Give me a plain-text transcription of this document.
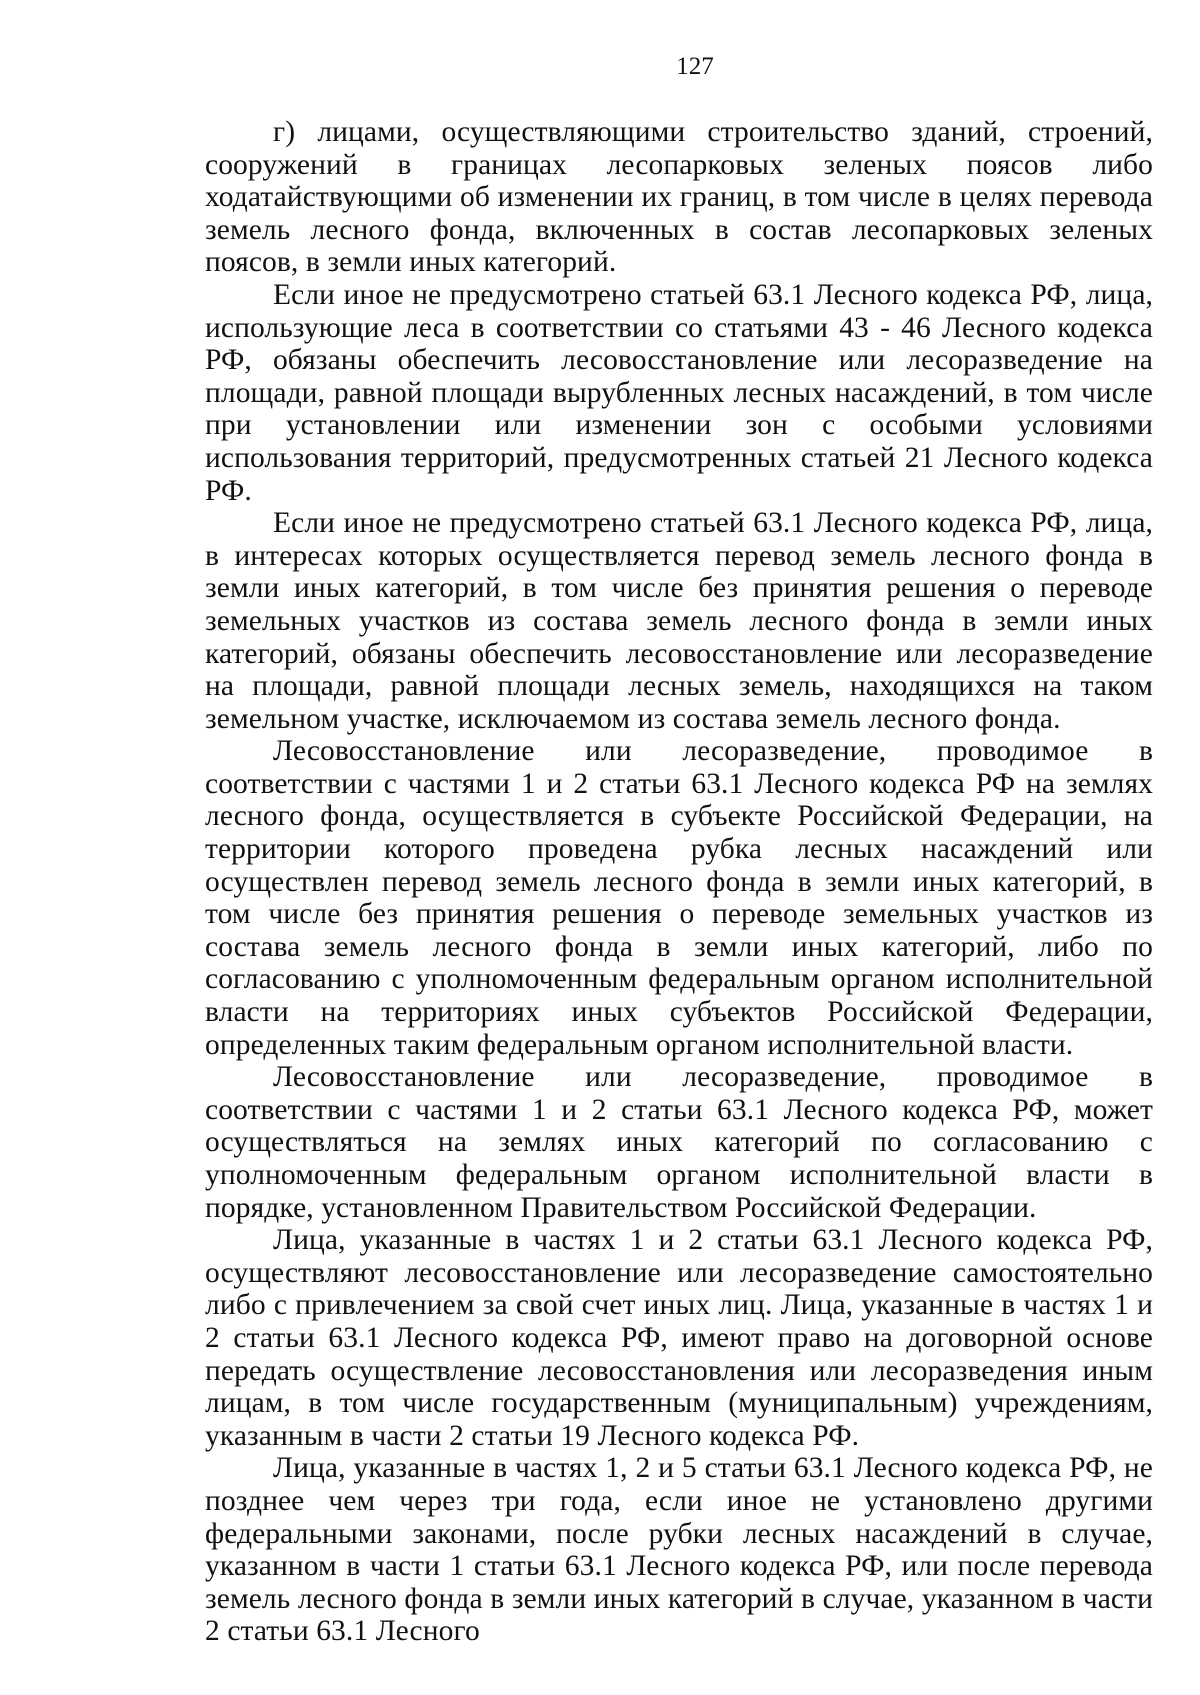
127

г) лицами, осуществляющими строительство зданий, строений, сооружений в границах лесопарковых зеленых поясов либо ходатайствующими об изменении их границ, в том числе в целях перевода земель лесного фонда, включенных в состав лесопарковых зеленых поясов, в земли иных категорий.

Если иное не предусмотрено статьей 63.1 Лесного кодекса РФ, лица, использующие леса в соответствии со статьями 43 - 46 Лесного кодекса РФ, обязаны обеспечить лесовосстановление или лесоразведение на площади, равной площади вырубленных лесных насаждений, в том числе при установлении или изменении зон с особыми условиями использования территорий, предусмотренных статьей 21 Лесного кодекса РФ.

Если иное не предусмотрено статьей 63.1 Лесного кодекса РФ, лица, в интересах которых осуществляется перевод земель лесного фонда в земли иных категорий, в том числе без принятия решения о переводе земельных участков из состава земель лесного фонда в земли иных категорий, обязаны обеспечить лесовосстановление или лесоразведение на площади, равной площади лесных земель, находящихся на таком земельном участке, исключаемом из состава земель лесного фонда.

Лесовосстановление или лесоразведение, проводимое в соответствии с частями 1 и 2 статьи 63.1 Лесного кодекса РФ на землях лесного фонда, осуществляется в субъекте Российской Федерации, на территории которого проведена рубка лесных насаждений или осуществлен перевод земель лесного фонда в земли иных категорий, в том числе без принятия решения о переводе земельных участков из состава земель лесного фонда в земли иных категорий, либо по согласованию с уполномоченным федеральным органом исполнительной власти на территориях иных субъектов Российской Федерации, определенных таким федеральным органом исполнительной власти.

Лесовосстановление или лесоразведение, проводимое в соответствии с частями 1 и 2 статьи 63.1 Лесного кодекса РФ, может осуществляться на землях иных категорий по согласованию с уполномоченным федеральным органом исполнительной власти в порядке, установленном Правительством Российской Федерации.

Лица, указанные в частях 1 и 2 статьи 63.1 Лесного кодекса РФ, осуществляют лесовосстановление или лесоразведение самостоятельно либо с привлечением за свой счет иных лиц. Лица, указанные в частях 1 и 2 статьи 63.1 Лесного кодекса РФ, имеют право на договорной основе передать осуществление лесовосстановления или лесоразведения иным лицам, в том числе государственным (муниципальным) учреждениям, указанным в части 2 статьи 19 Лесного кодекса РФ.

Лица, указанные в частях 1, 2 и 5 статьи 63.1 Лесного кодекса РФ, не позднее чем через три года, если иное не установлено другими федеральными законами, после рубки лесных насаждений в случае, указанном в части 1 статьи 63.1 Лесного кодекса РФ, или после перевода земель лесного фонда в земли иных категорий в случае, указанном в части 2 статьи 63.1 Лесного
